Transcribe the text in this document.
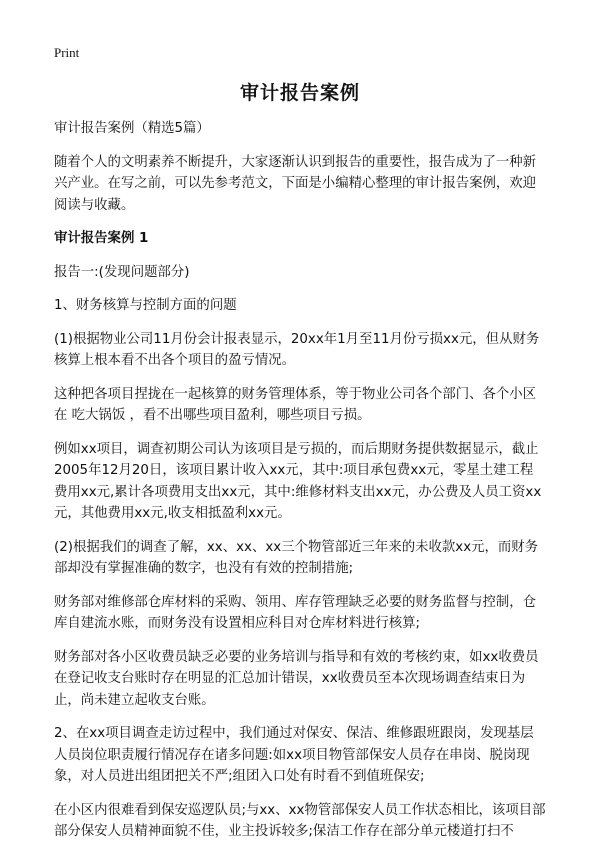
Print
审计报告案例

审计报告案例（精选5篇）

随着个人的文明素养不断提升，大家逐渐认识到报告的重要性，报告成为了一种新兴产业。在写之前，可以先参考范文，下面是小编精心整理的审计报告案例，欢迎阅读与收藏。

审计报告案例 1

报告一:(发现问题部分)

1、财务核算与控制方面的问题

(1)根据物业公司11月份会计报表显示，20xx年1月至11月份亏损xx元，但从财务核算上根本看不出各个项目的盈亏情况。

这种把各项目捏拢在一起核算的财务管理体系，等于物业公司各个部门、各个小区在 吃大锅饭 ，看不出哪些项目盈利，哪些项目亏损。

例如xx项目，调查初期公司认为该项目是亏损的，而后期财务提供数据显示，截止2005年12月20日，该项目累计收入xx元，其中:项目承包费xx元，零星土建工程费用xx元,累计各项费用支出xx元，其中:维修材料支出xx元，办公费及人员工资xx元，其他费用xx元,收支相抵盈利xx元。

(2)根据我们的调查了解，xx、xx、xx三个物管部近三年来的未收款xx元，而财务部却没有掌握准确的数字，也没有有效的控制措施;

财务部对维修部仓库材料的采购、领用、库存管理缺乏必要的财务监督与控制，仓库自建流水账，而财务没有设置相应科目对仓库材料进行核算;

财务部对各小区收费员缺乏必要的业务培训与指导和有效的考核约束，如xx收费员在登记收支台账时存在明显的汇总加计错误，xx收费员至本次现场调查结束日为止，尚未建立起收支台账。

2、在xx项目调查走访过程中，我们通过对保安、保洁、维修跟班跟岗，发现基层人员岗位职责履行情况存在诸多问题:如xx项目物管部保安人员存在串岗、脱岗现象，对人员进出组团把关不严;组团入口处有时看不到值班保安;

在小区内很难看到保安巡逻队员;与xx、xx物管部保安人员工作状态相比，该项目部部分保安人员精神面貌不佳，业主投诉较多;保洁工作存在部分单元楼道打扫不
